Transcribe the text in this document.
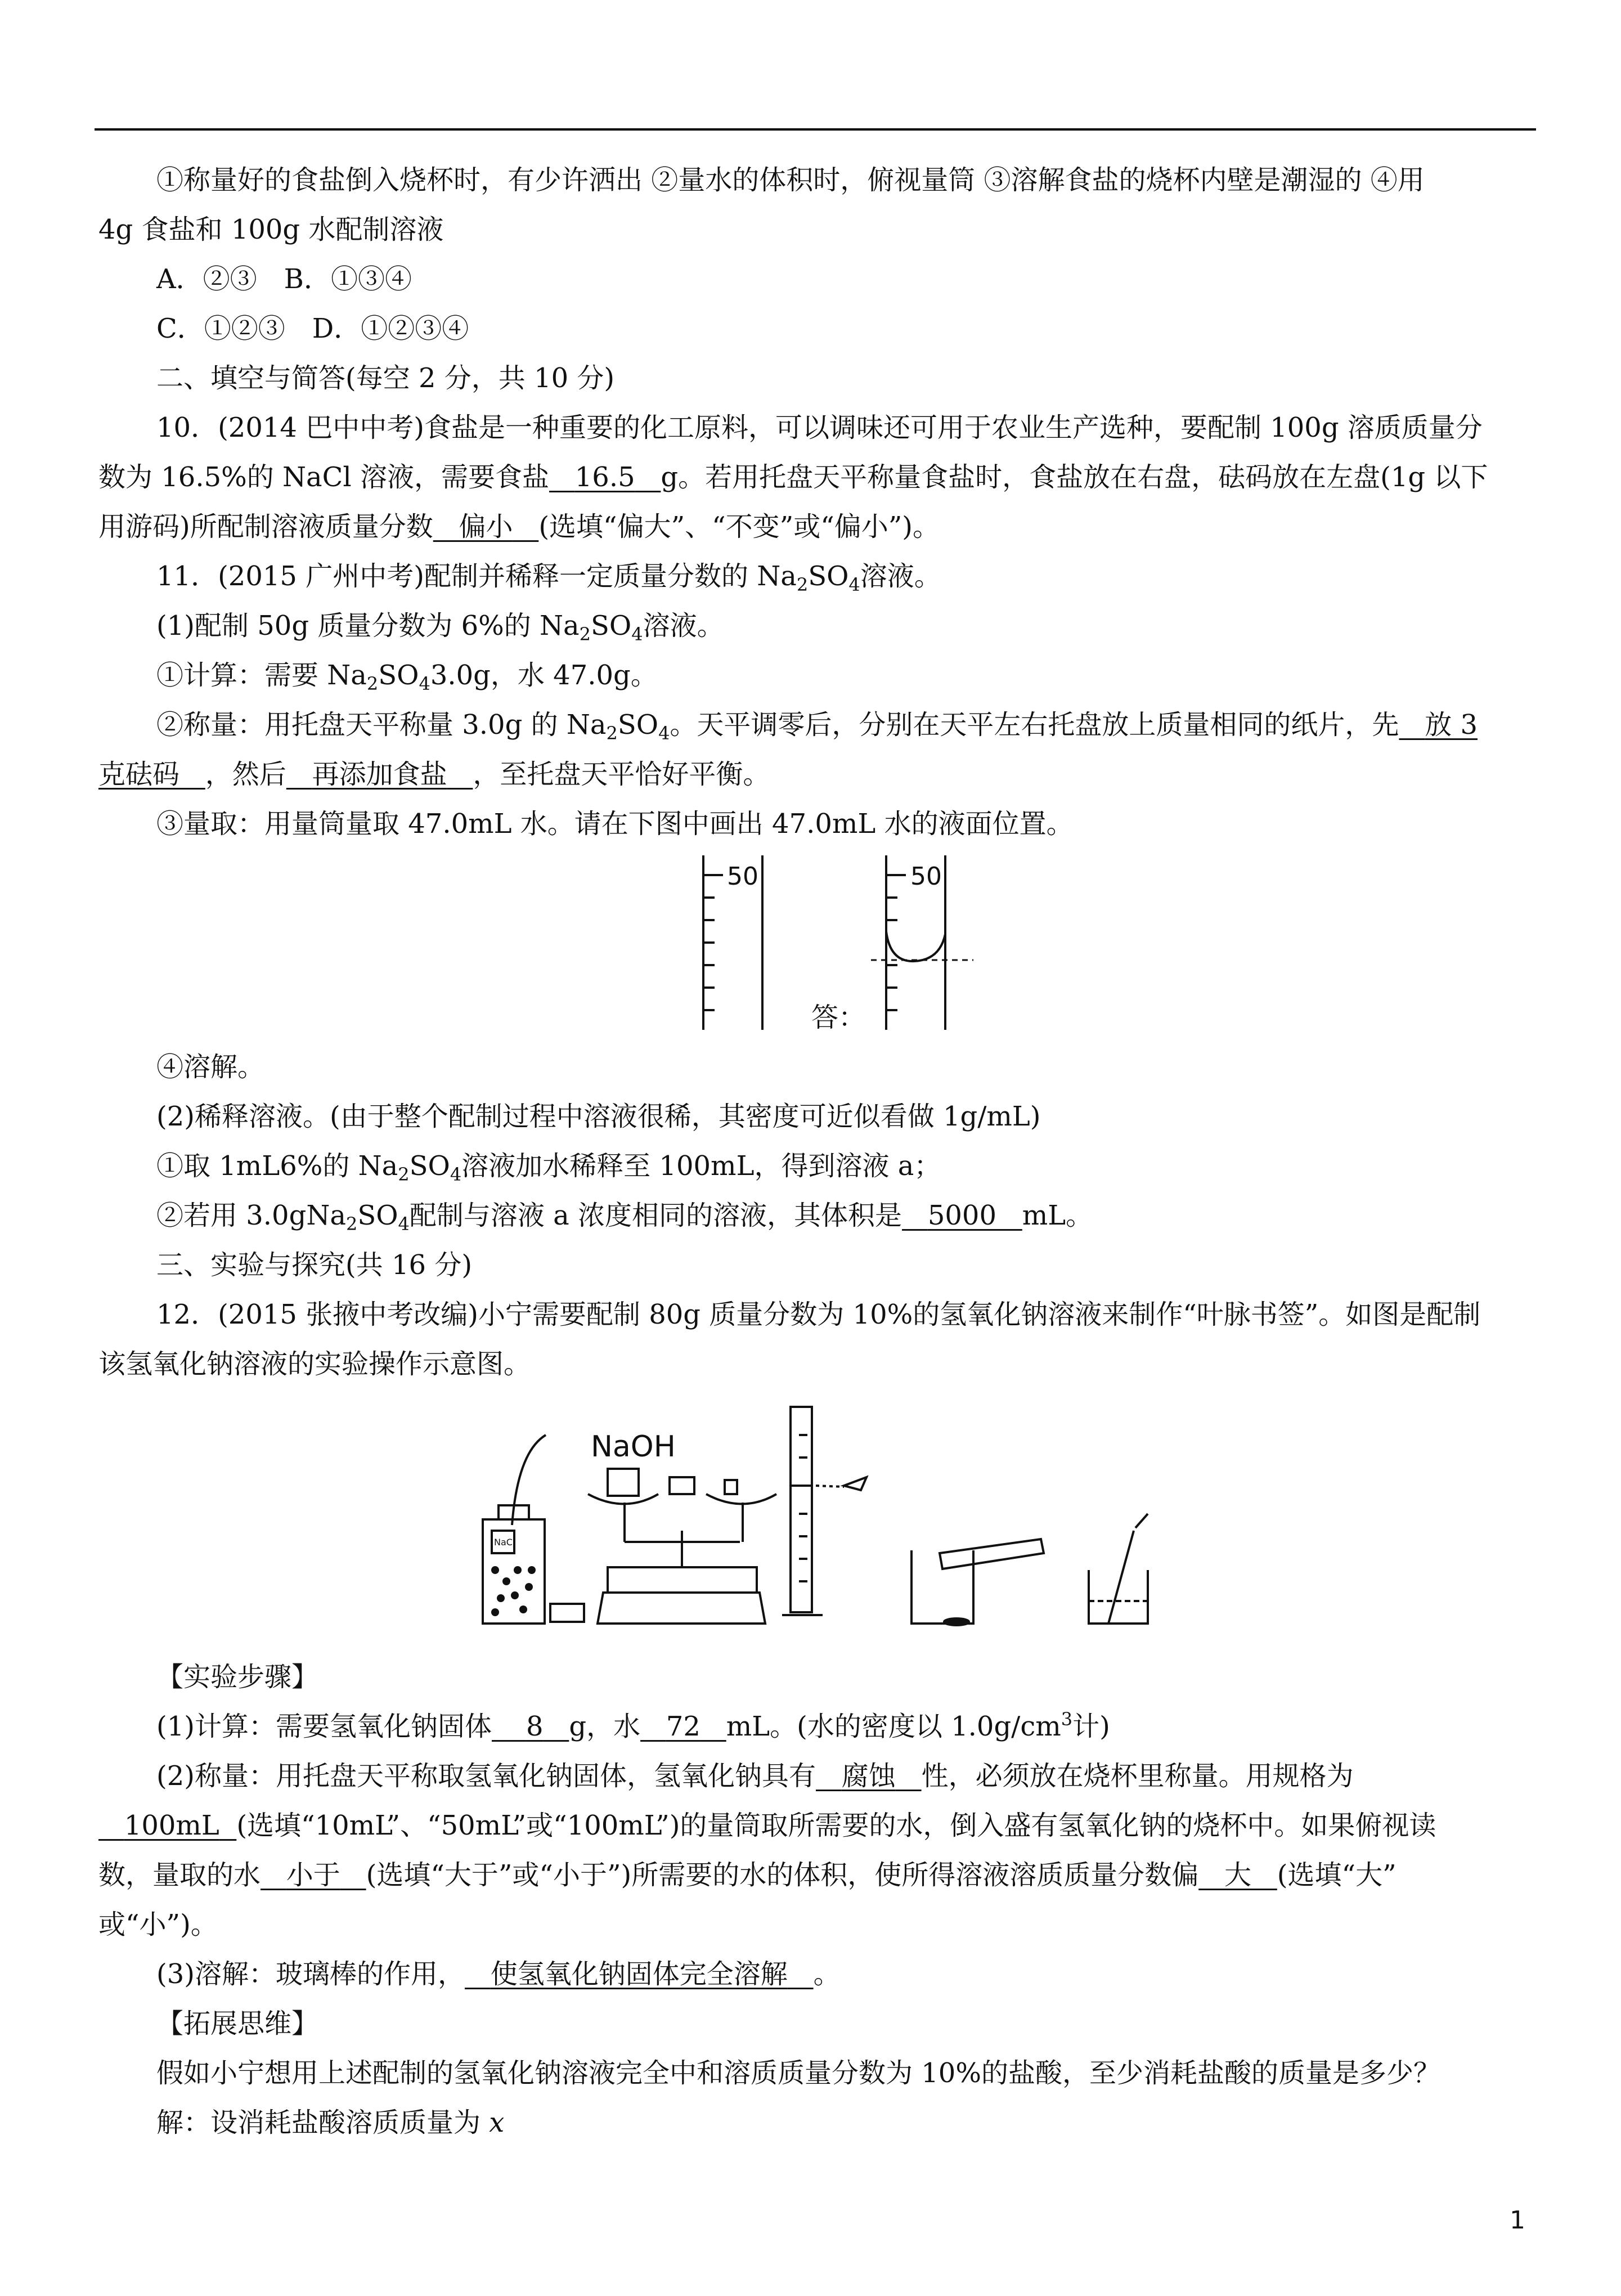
①称量好的食盐倒入烧杯时，有少许洒出 ②量水的体积时，俯视量筒 ③溶解食盐的烧杯内壁是潮湿的 ④用
4g 食盐和 100g 水配制溶液
A．②③　B．①③④
C．①②③　D．①②③④
二、填空与简答(每空 2 分，共 10 分)
10．(2014 巴中中考)食盐是一种重要的化工原料，可以调味还可用于农业生产选种，要配制 100g 溶质质量分
数为 16.5%的 NaCl 溶液，需要食盐 16.5 g。若用托盘天平称量食盐时，食盐放在右盘，砝码放在左盘(1g 以下
用游码)所配制溶液质量分数 偏小 (选填“偏大”、“不变”或“偏小”)。
11．(2015 广州中考)配制并稀释一定质量分数的 $Na_2SO_4$溶液。
(1)配制 50g 质量分数为 6%的 $Na_2SO_4$溶液。
①计算：需要 $Na_2SO_43.0g$，水 47.0g。
②称量：用托盘天平称量 3.0g 的 $Na_2SO_4$。天平调零后，分别在天平左右托盘放上质量相同的纸片，先 放 3
克砝码 ，然后 再添加食盐 ，至托盘天平恰好平衡。
③量取：用量筒量取 47.0mL 水。请在下图中画出 47.0mL 水的液面位置。
50	50
答：
④溶解。
(2)稀释溶液。(由于整个配制过程中溶液很稀，其密度可近似看做 1g/mL)
①取 1mL6%的 $Na_2SO_4$溶液加水稀释至 100mL，得到溶液 a；
②若用 $3.0gNa_2SO_4$配制与溶液 a 浓度相同的溶液，其体积是 5000 mL。
三、实验与探究(共 16 分)
12．(2015 张掖中考改编)小宁需要配制 80g 质量分数为 10%的氢氧化钠溶液来制作“叶脉书签”。如图是配制
该氢氧化钠溶液的实验操作示意图。
NaOH
NaCl
【实验步骤】
(1)计算：需要氢氧化钠固体 8 g，水 72 mL。(水的密度以 $1.0g/cm^3$计)
(2)称量：用托盘天平称取氢氧化钠固体，氢氧化钠具有 腐蚀 性，必须放在烧杯里称量。用规格为
100mL (选填“10mL”、“50mL”或“100mL”)的量筒取所需要的水，倒入盛有氢氧化钠的烧杯中。如果俯视读
数，量取的水 小于 (选填“大于”或“小于”)所需要的水的体积，使所得溶液溶质质量分数偏 大 (选填“大”
或“小”)。
(3)溶解：玻璃棒的作用， 使氢氧化钠固体完全溶解 。
【拓展思维】
假如小宁想用上述配制的氢氧化钠溶液完全中和溶质质量分数为 10%的盐酸，至少消耗盐酸的质量是多少？
解：设消耗盐酸溶质质量为 x
1
